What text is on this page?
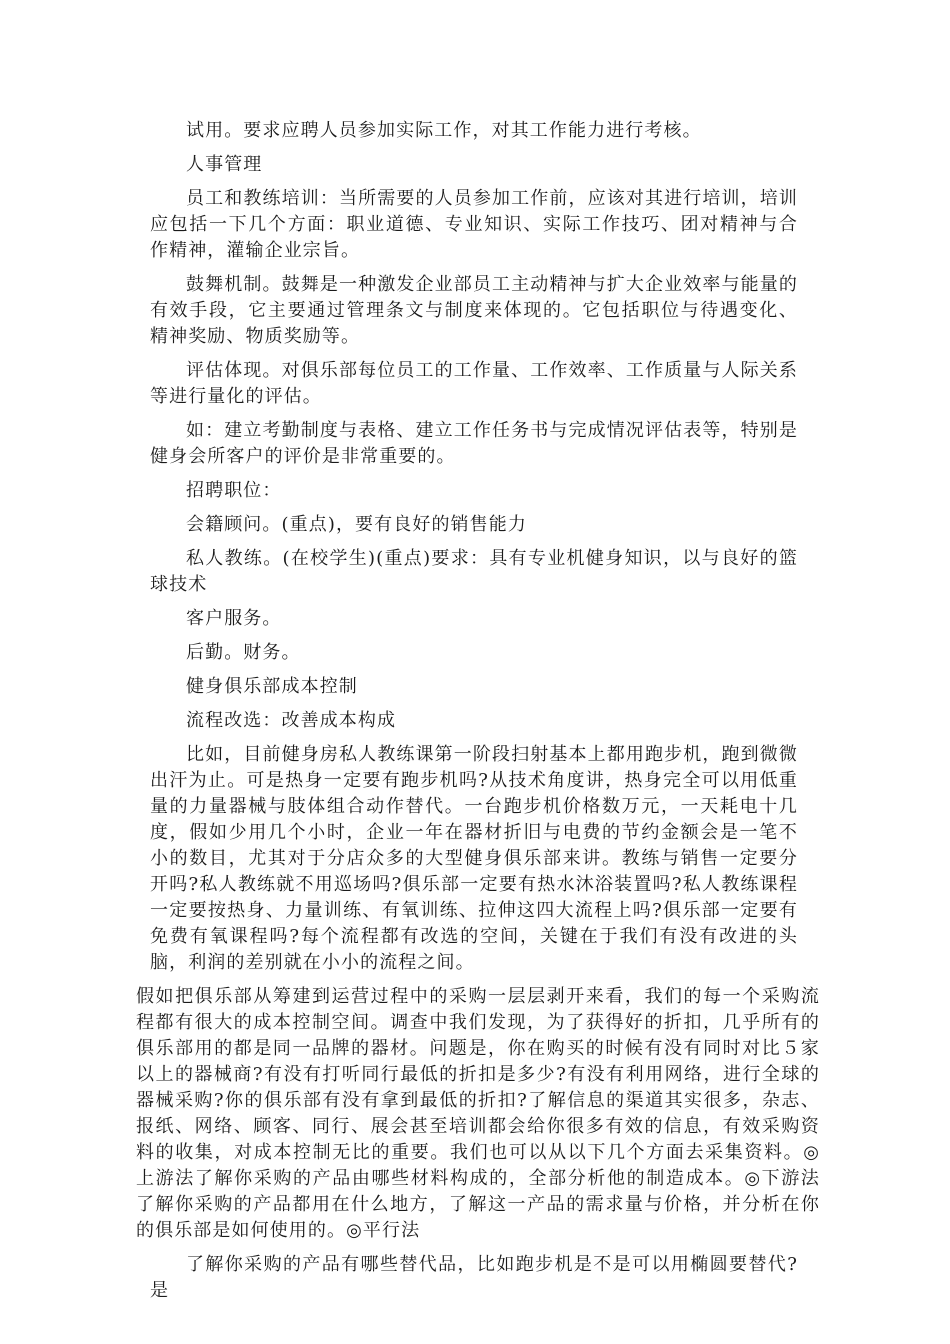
试用。要求应聘人员参加实际工作，对其工作能力进行考核。

人事管理

员工和教练培训：当所需要的人员参加工作前，应该对其进行培训，培训应包括一下几个方面：职业道德、专业知识、实际工作技巧、团对精神与合作精神，灌输企业宗旨。

鼓舞机制。鼓舞是一种激发企业部员工主动精神与扩大企业效率与能量的有效手段，它主要通过管理条文与制度来体现的。它包括职位与待遇变化、精神奖励、物质奖励等。

评估体现。对俱乐部每位员工的工作量、工作效率、工作质量与人际关系等进行量化的评估。

如：建立考勤制度与表格、建立工作任务书与完成情况评估表等，特别是健身会所客户的评价是非常重要的。

招聘职位：

会籍顾问。(重点)，要有良好的销售能力

私人教练。(在校学生)(重点)要求：具有专业机健身知识，以与良好的篮球技术

客户服务。

后勤。财务。

健身俱乐部成本控制

流程改选：改善成本构成

比如，目前健身房私人教练课第一阶段扫射基本上都用跑步机，跑到微微出汗为止。可是热身一定要有跑步机吗?从技术角度讲，热身完全可以用低重量的力量器械与肢体组合动作替代。一台跑步机价格数万元，一天耗电十几度，假如少用几个小时，企业一年在器材折旧与电费的节约金额会是一笔不小的数目，尤其对于分店众多的大型健身俱乐部来讲。教练与销售一定要分开吗?私人教练就不用巡场吗?俱乐部一定要有热水沐浴装置吗?私人教练课程一定要按热身、力量训练、有氧训练、拉伸这四大流程上吗?俱乐部一定要有免费有氧课程吗?每个流程都有改选的空间，关键在于我们有没有改进的头脑，利润的差别就在小小的流程之间。

假如把俱乐部从筹建到运营过程中的采购一层层剥开来看，我们的每一个采购流程都有很大的成本控制空间。调查中我们发现，为了获得好的折扣，几乎所有的俱乐部用的都是同一品牌的器材。问题是，你在购买的时候有没有同时对比５家以上的器械商?有没有打听同行最低的折扣是多少?有没有利用网络，进行全球的器械采购?你的俱乐部有没有拿到最低的折扣?了解信息的渠道其实很多，杂志、报纸、网络、顾客、同行、展会甚至培训都会给你很多有效的信息，有效采购资料的收集，对成本控制无比的重要。我们也可以从以下几个方面去采集资料。◎上游法了解你采购的产品由哪些材料构成的，全部分析他的制造成本。◎下游法了解你采购的产品都用在什么地方，了解这一产品的需求量与价格，并分析在你的俱乐部是如何使用的。◎平行法

了解你采购的产品有哪些替代品，比如跑步机是不是可以用椭圆要替代?是
